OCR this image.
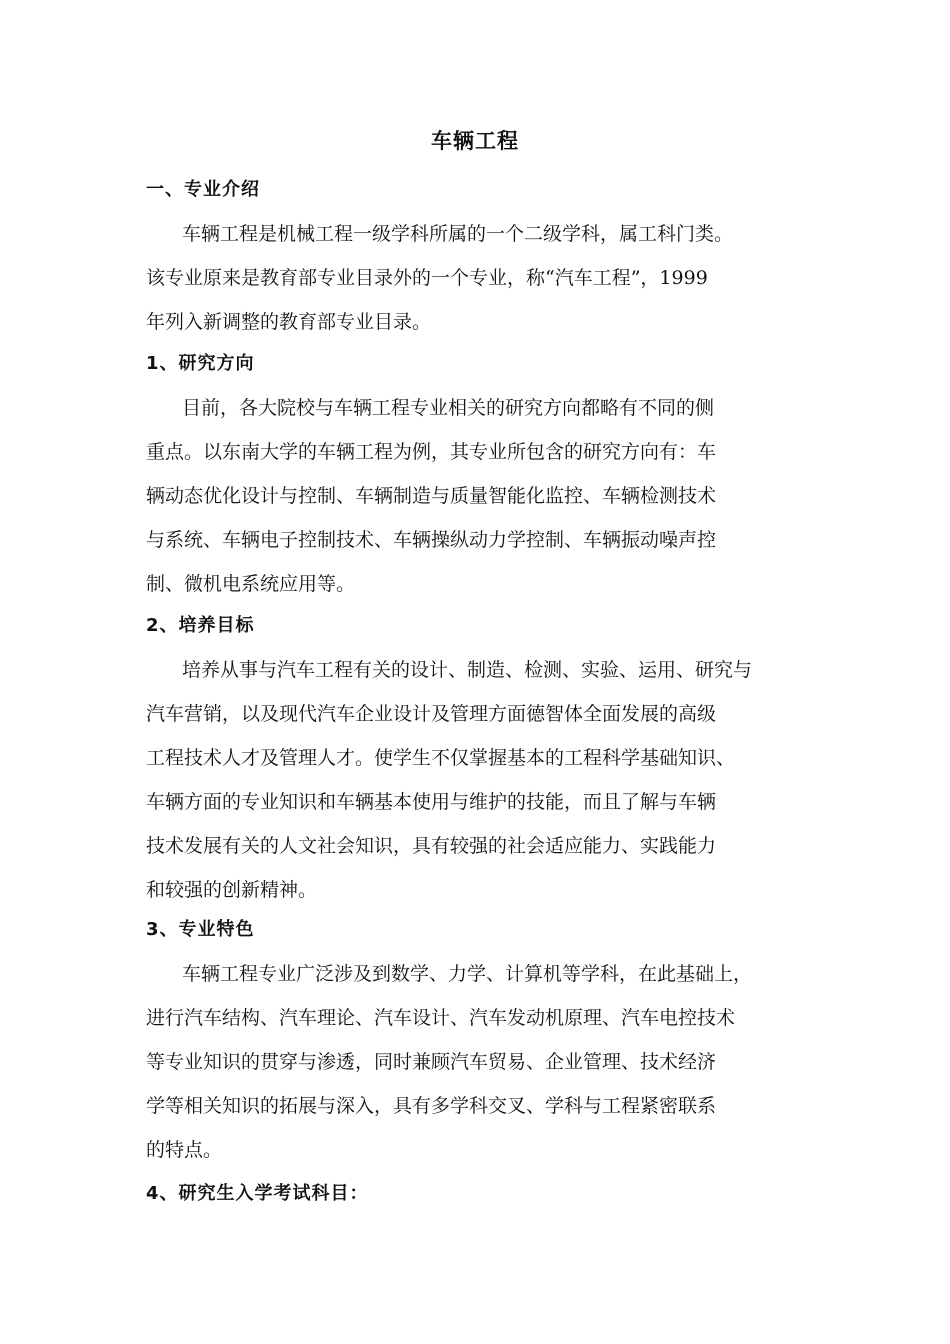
车辆工程
一、专业介绍

车辆工程是机械工程一级学科所属的一个二级学科，属工科门类。
该专业原来是教育部专业目录外的一个专业，称“汽车工程”，1999
年列入新调整的教育部专业目录。

1、研究方向

目前，各大院校与车辆工程专业相关的研究方向都略有不同的侧
重点。以东南大学的车辆工程为例，其专业所包含的研究方向有：车
辆动态优化设计与控制、车辆制造与质量智能化监控、车辆检测技术
与系统、车辆电子控制技术、车辆操纵动力学控制、车辆振动噪声控
制、微机电系统应用等。

2、培养目标

培养从事与汽车工程有关的设计、制造、检测、实验、运用、研究与
汽车营销，以及现代汽车企业设计及管理方面德智体全面发展的高级
工程技术人才及管理人才。使学生不仅掌握基本的工程科学基础知识、
车辆方面的专业知识和车辆基本使用与维护的技能，而且了解与车辆
技术发展有关的人文社会知识，具有较强的社会适应能力、实践能力
和较强的创新精神。

3、专业特色

车辆工程专业广泛涉及到数学、力学、计算机等学科，在此基础上，
进行汽车结构、汽车理论、汽车设计、汽车发动机原理、汽车电控技术
等专业知识的贯穿与渗透，同时兼顾汽车贸易、企业管理、技术经济
学等相关知识的拓展与深入，具有多学科交叉、学科与工程紧密联系
的特点。

4、研究生入学考试科目：
